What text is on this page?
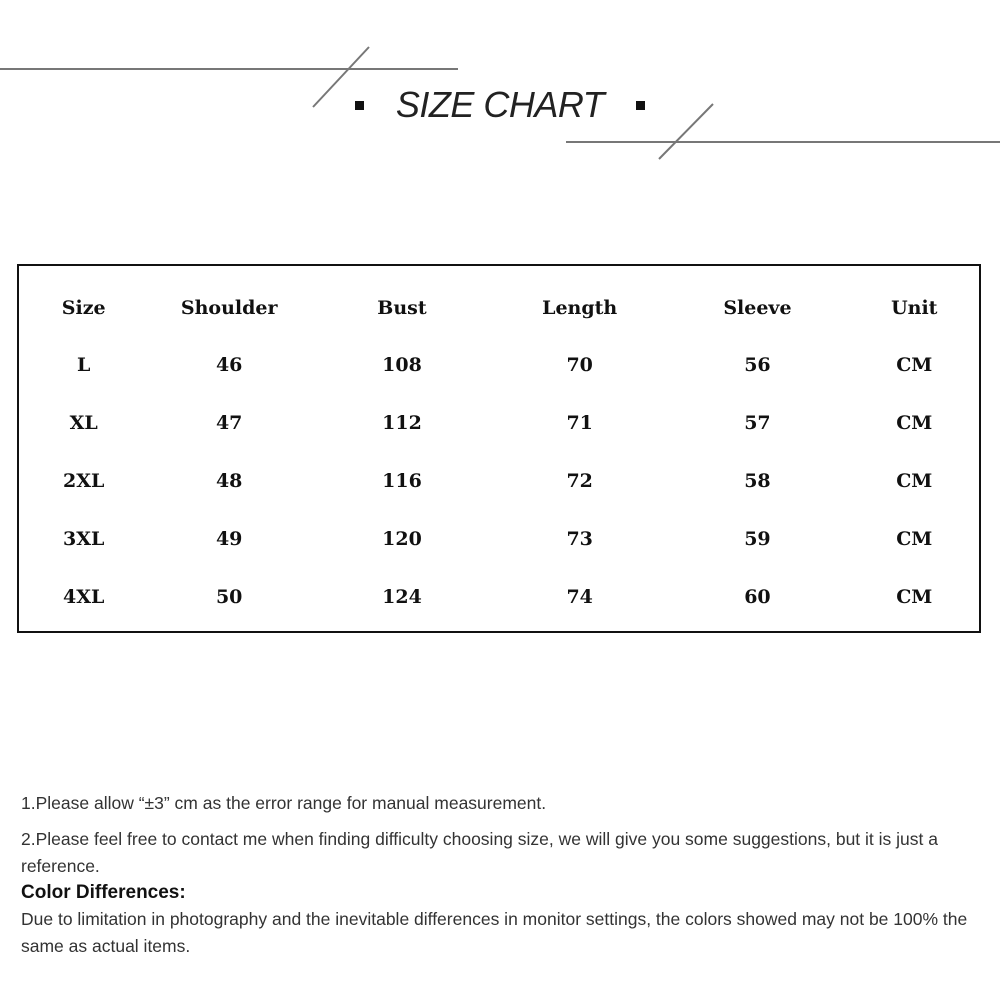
SIZE CHART
Size	Shoulder	Bust	Length	Sleeve	Unit
L	46	108	70	56	CM
XL	47	112	71	57	CM
2XL	48	116	72	58	CM
3XL	49	120	73	59	CM
4XL	50	124	74	60	CM

1.Please allow “±3” cm as the error range for manual measurement.

2.Please feel free to contact me when finding difficulty choosing size, we will give you some suggestions, but it is just a reference.

Color Differences:

Due to limitation in photography and the inevitable differences in monitor settings, the colors showed may not be 100% the same as actual items.
